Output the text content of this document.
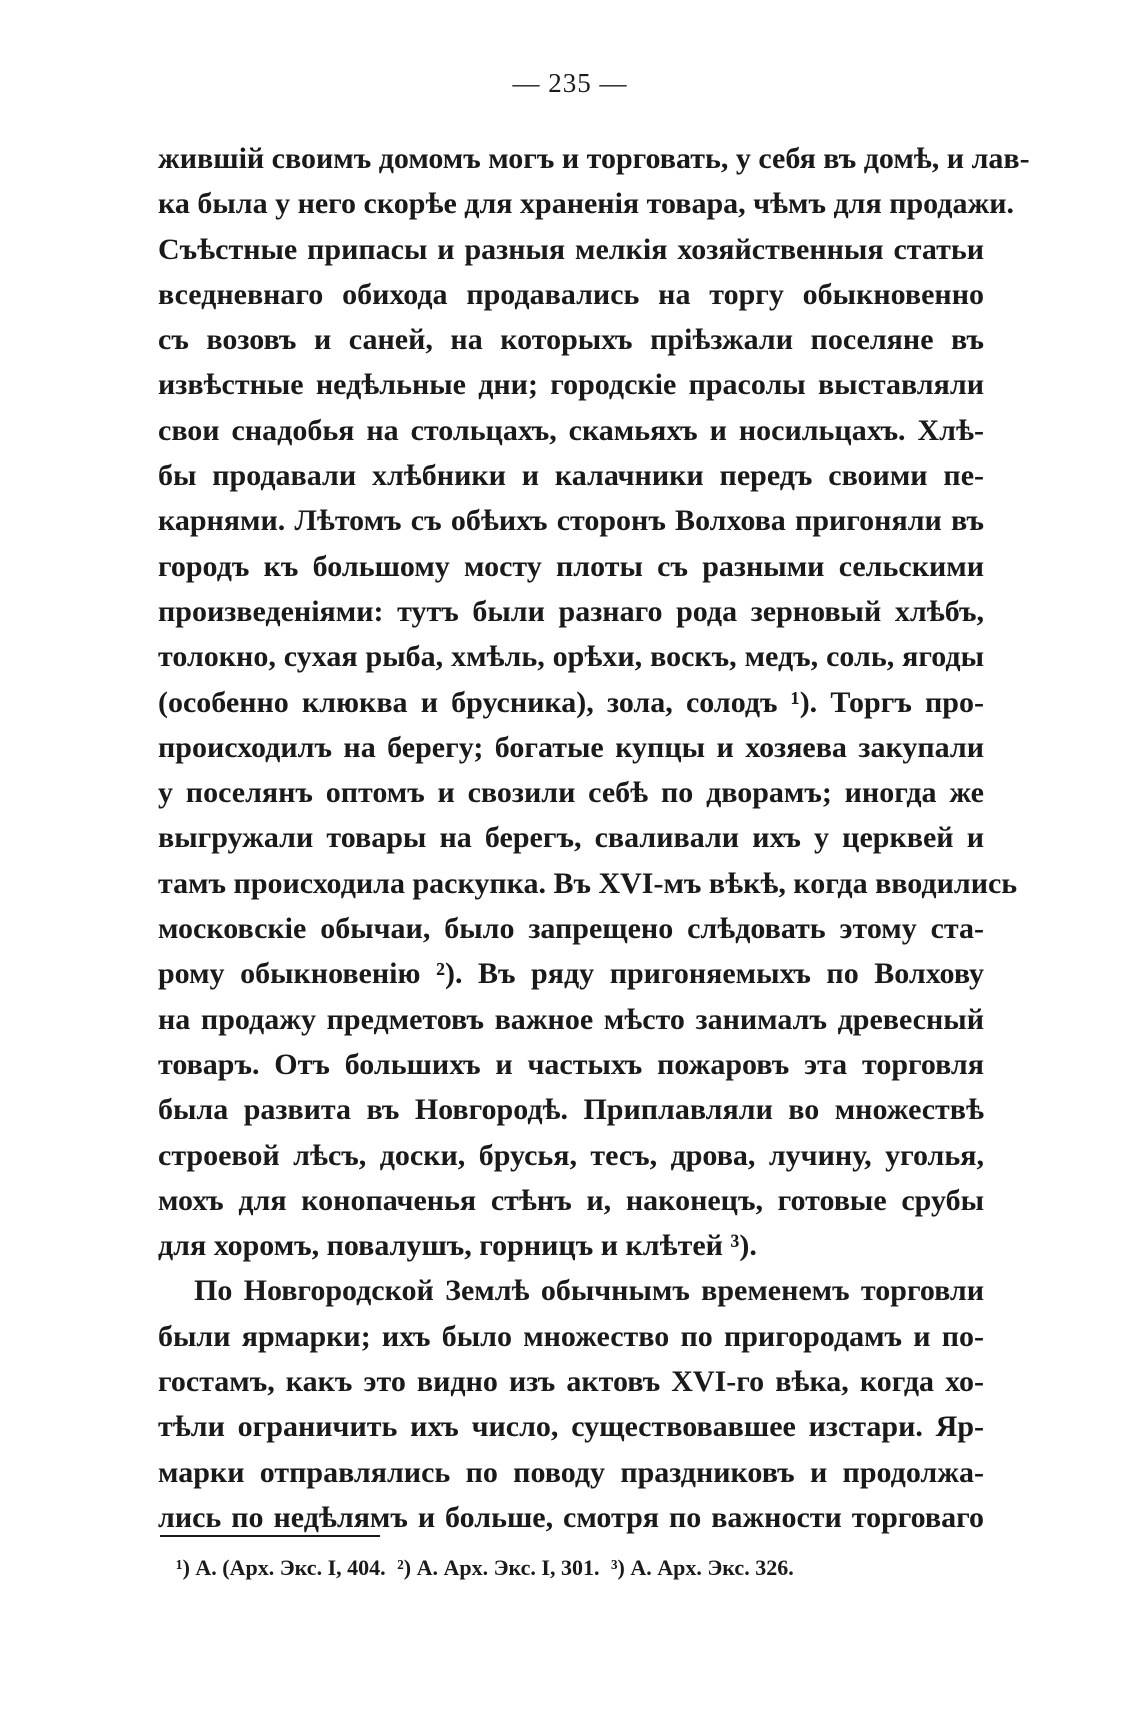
— 235 —
жившій своимъ домомъ могъ и торговать, у себя въ домѣ, и лав-
ка была у него скорѣе для храненія товара, чѣмъ для продажи.
Съѣстные припасы и разныя мелкія хозяйственныя статьи
вседневнаго обихода продавались на торгу обыкновенно
съ возовъ и саней, на которыхъ пріѣзжали поселяне въ
извѣстные недѣльные дни; городскіе прасолы выставляли
свои снадобья на стольцахъ, скамьяхъ и носильцахъ. Хлѣ-
бы продавали хлѣбники и калачники передъ своими пе-
карнями. Лѣтомъ съ обѣихъ сторонъ Волхова пригоняли въ
городъ къ большому мосту плоты съ разными сельскими
произведеніями: тутъ были разнаго рода зерновый хлѣбъ,
толокно, сухая рыба, хмѣль, орѣхи, воскъ, медъ, соль, ягоды
(особенно клюква и брусника), зола, солодъ ¹). Торгъ про-
происходилъ на берегу; богатые купцы и хозяева закупали
у поселянъ оптомъ и свозили себѣ по дворамъ; иногда же
выгружали товары на берегъ, сваливали ихъ у церквей и
тамъ происходила раскупка. Въ XVI-мъ вѣкѣ, когда вводились
московскіе обычаи, было запрещено слѣдовать этому ста-
рому обыкновенію ²). Въ ряду пригоняемыхъ по Волхову
на продажу предметовъ важное мѣсто занималъ древесный
товаръ. Отъ большихъ и частыхъ пожаровъ эта торговля
была развита въ Новгородѣ. Приплавляли во множествѣ
строевой лѣсъ, доски, брусья, тесъ, дрова, лучину, уголья,
мохъ для конопаченья стѣнъ и, наконецъ, готовые срубы
для хоромъ, повалушъ, горницъ и клѣтей ³).
По Новгородской Землѣ обычнымъ временемъ торговли
были ярмарки; ихъ было множество по пригородамъ и по-
гостамъ, какъ это видно изъ актовъ XVI-го вѣка, когда хо-
тѣли ограничить ихъ число, существовавшее изстари. Яр-
марки отправлялись по поводу праздниковъ и продолжа-
лись по недѣлямъ и больше, смотря по важности торговаго
¹) А. (Арх. Экс. I, 404. ²) А. Арх. Экс. I, 301. ³) А. Арх. Экс. 326.
